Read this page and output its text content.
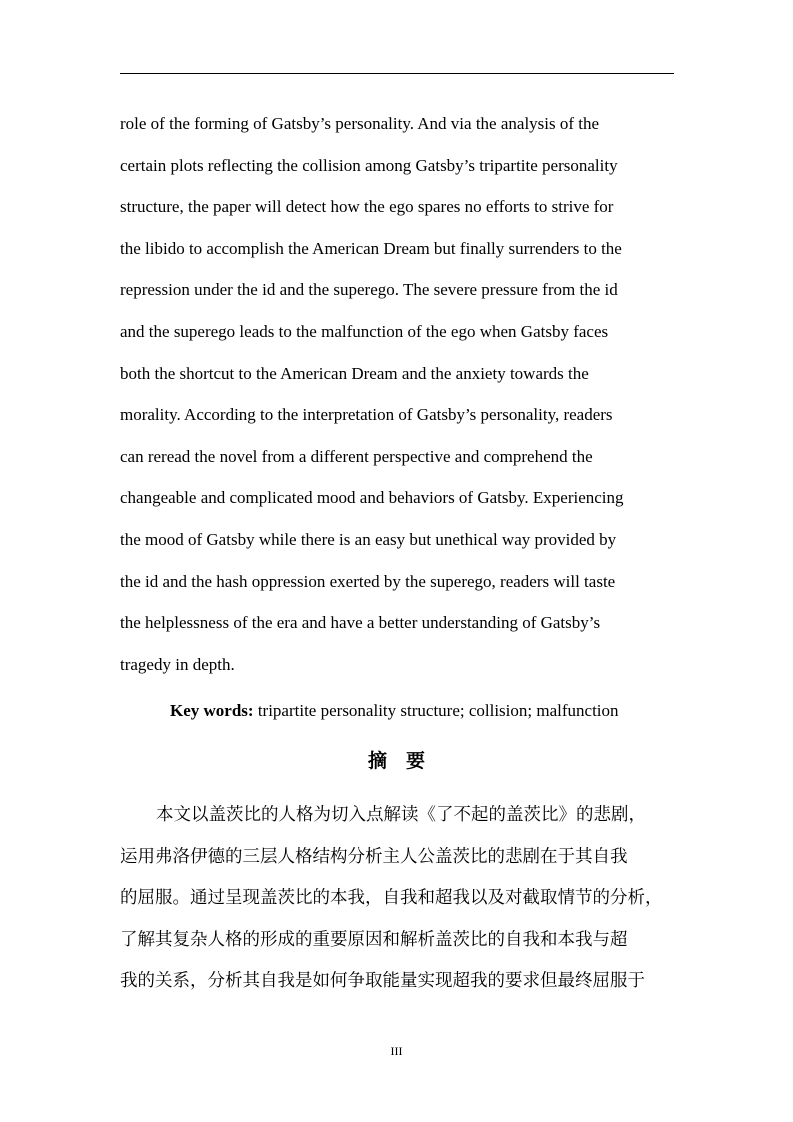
role of the forming of Gatsby’s personality. And via the analysis of the
certain plots reflecting the collision among Gatsby’s tripartite personality
structure, the paper will detect how the ego spares no efforts to strive for
the libido to accomplish the American Dream but finally surrenders to the
repression under the id and the superego. The severe pressure from the id
and the superego leads to the malfunction of the ego when Gatsby faces
both the shortcut to the American Dream and the anxiety towards the
morality. According to the interpretation of Gatsby’s personality, readers
can reread the novel from a different perspective and comprehend the
changeable and complicated mood and behaviors of Gatsby. Experiencing
the mood of Gatsby while there is an easy but unethical way provided by
the id and the hash oppression exerted by the superego, readers will taste
the helplessness of the era and have a better understanding of Gatsby’s
tragedy in depth.
Key words: tripartite personality structure; collision; malfunction
摘　要
本文以盖茨比的人格为切入点解读《了不起的盖茨比》的悲剧，
运用弗洛伊德的三层人格结构分析主人公盖茨比的悲剧在于其自我
的屈服。通过呈现盖茨比的本我，自我和超我以及对截取情节的分析，
了解其复杂人格的形成的重要原因和解析盖茨比的自我和本我与超
我的关系，分析其自我是如何争取能量实现超我的要求但最终屈服于
III
